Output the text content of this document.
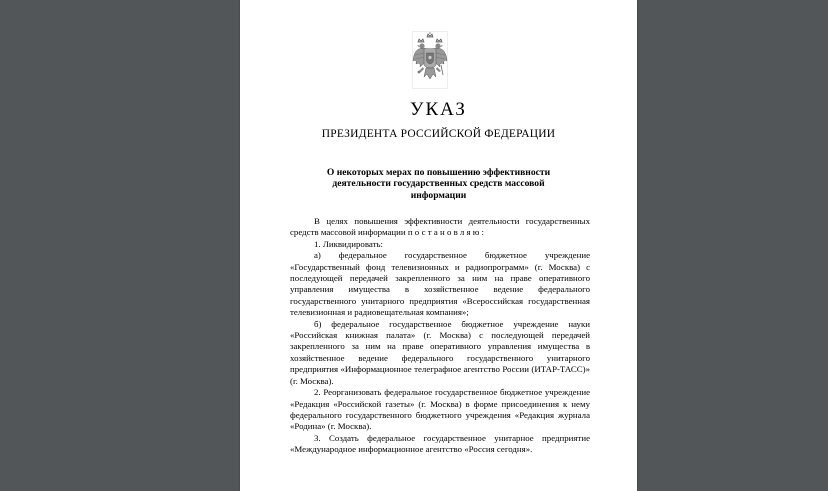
УКАЗ
ПРЕЗИДЕНТА РОССИЙСКОЙ ФЕДЕРАЦИИ
О некоторых мерах по повышению эффективности
деятельности государственных средств массовой
информации

В целях повышения эффективности деятельности государственных средств массовой информации постановляю:

1. Ликвидировать:

а) федеральное государственное бюджетное учреждение «Государственный фонд телевизионных и радиопрограмм» (г. Москва) с последующей передачей закрепленного за ним на праве оперативного управления имущества в хозяйственное ведение федерального государственного унитарного предприятия «Всероссийская государственная телевизионная и радиовещательная компания»;

б) федеральное государственное бюджетное учреждение науки «Российская книжная палата» (г. Москва) с последующей передачей закрепленного за ним на праве оперативного управления имущества в хозяйственное ведение федерального государственного унитарного предприятия «Информационное телеграфное агентство России (ИТАР-ТАСС)» (г. Москва).

2. Реорганизовать федеральное государственное бюджетное учреждение «Редакция «Российской газеты» (г. Москва) в форме присоединения к нему федерального государственного бюджетного учреждения «Редакция журнала «Родина» (г. Москва).

3. Создать федеральное государственное унитарное предприятие «Международное информационное агентство «Россия сегодня».
